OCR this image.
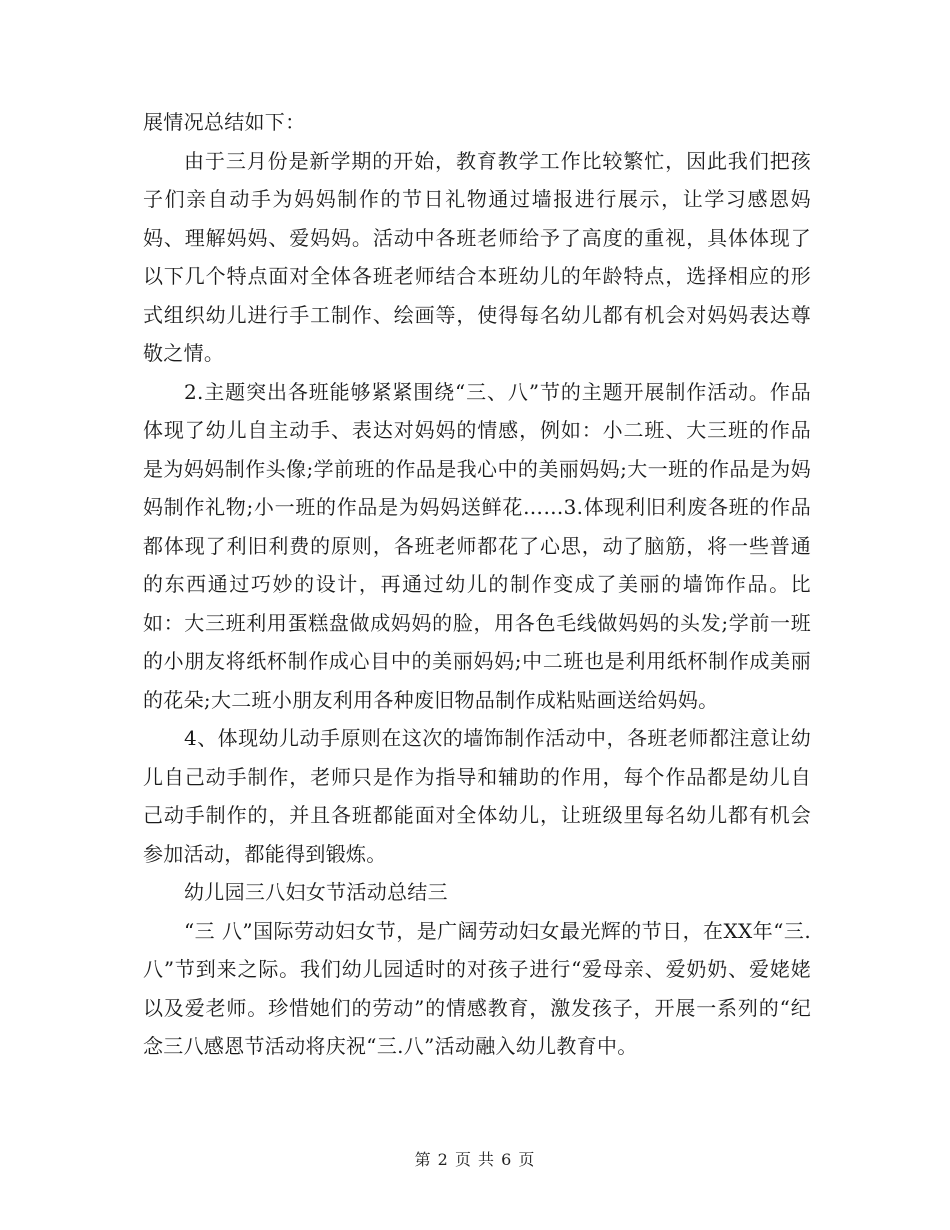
展情况总结如下：

由于三月份是新学期的开始，教育教学工作比较繁忙，因此我们把孩子们亲自动手为妈妈制作的节日礼物通过墙报进行展示，让学习感恩妈妈、理解妈妈、爱妈妈。活动中各班老师给予了高度的重视，具体体现了以下几个特点面对全体各班老师结合本班幼儿的年龄特点，选择相应的形式组织幼儿进行手工制作、绘画等，使得每名幼儿都有机会对妈妈表达尊敬之情。

2.主题突出各班能够紧紧围绕“三、八”节的主题开展制作活动。作品体现了幼儿自主动手、表达对妈妈的情感，例如：小二班、大三班的作品是为妈妈制作头像;学前班的作品是我心中的美丽妈妈;大一班的作品是为妈妈制作礼物;小一班的作品是为妈妈送鲜花……3.体现利旧利废各班的作品都体现了利旧利费的原则，各班老师都花了心思，动了脑筋，将一些普通的东西通过巧妙的设计，再通过幼儿的制作变成了美丽的墙饰作品。比如：大三班利用蛋糕盘做成妈妈的脸，用各色毛线做妈妈的头发;学前一班的小朋友将纸杯制作成心目中的美丽妈妈;中二班也是利用纸杯制作成美丽的花朵;大二班小朋友利用各种废旧物品制作成粘贴画送给妈妈。

4、体现幼儿动手原则在这次的墙饰制作活动中，各班老师都注意让幼儿自己动手制作，老师只是作为指导和辅助的作用，每个作品都是幼儿自己动手制作的，并且各班都能面对全体幼儿，让班级里每名幼儿都有机会参加活动，都能得到锻炼。

幼儿园三八妇女节活动总结三

“三 八”国际劳动妇女节，是广阔劳动妇女最光辉的节日，在XX年“三.八”节到来之际。我们幼儿园适时的对孩子进行“爱母亲、爱奶奶、爱姥姥以及爱老师。珍惜她们的劳动”的情感教育，激发孩子，开展一系列的“纪念三八感恩节活动将庆祝“三.八”活动融入幼儿教育中。

第 2 页 共 6 页
